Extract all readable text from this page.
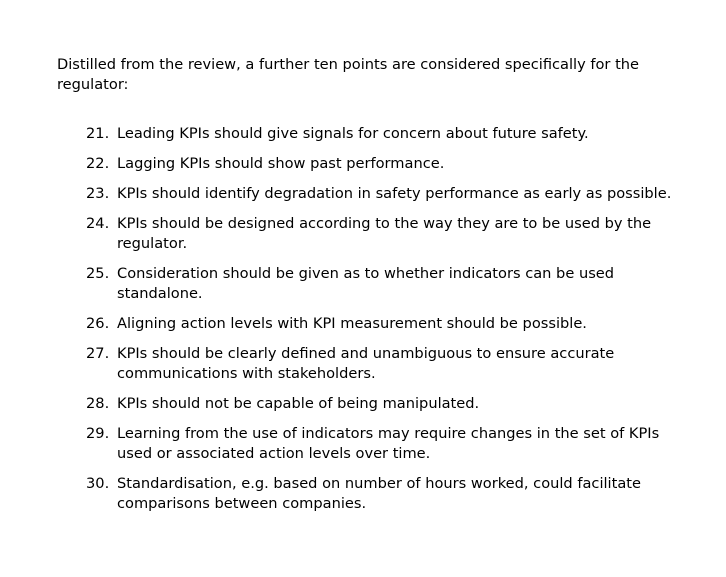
Distilled from the review, a further ten points are considered specifically for the regulator:

21. Leading KPIs should give signals for concern about future safety.
22. Lagging KPIs should show past performance.
23. KPIs should identify degradation in safety performance as early as possible.
24. KPIs should be designed according to the way they are to be used by the regulator.
25. Consideration should be given as to whether indicators can be used standalone.
26. Aligning action levels with KPI measurement should be possible.
27. KPIs should be clearly defined and unambiguous to ensure accurate communications with stakeholders.
28. KPIs should not be capable of being manipulated.
29. Learning from the use of indicators may require changes in the set of KPIs used or associated action levels over time.
30. Standardisation, e.g. based on number of hours worked, could facilitate comparisons between companies.
